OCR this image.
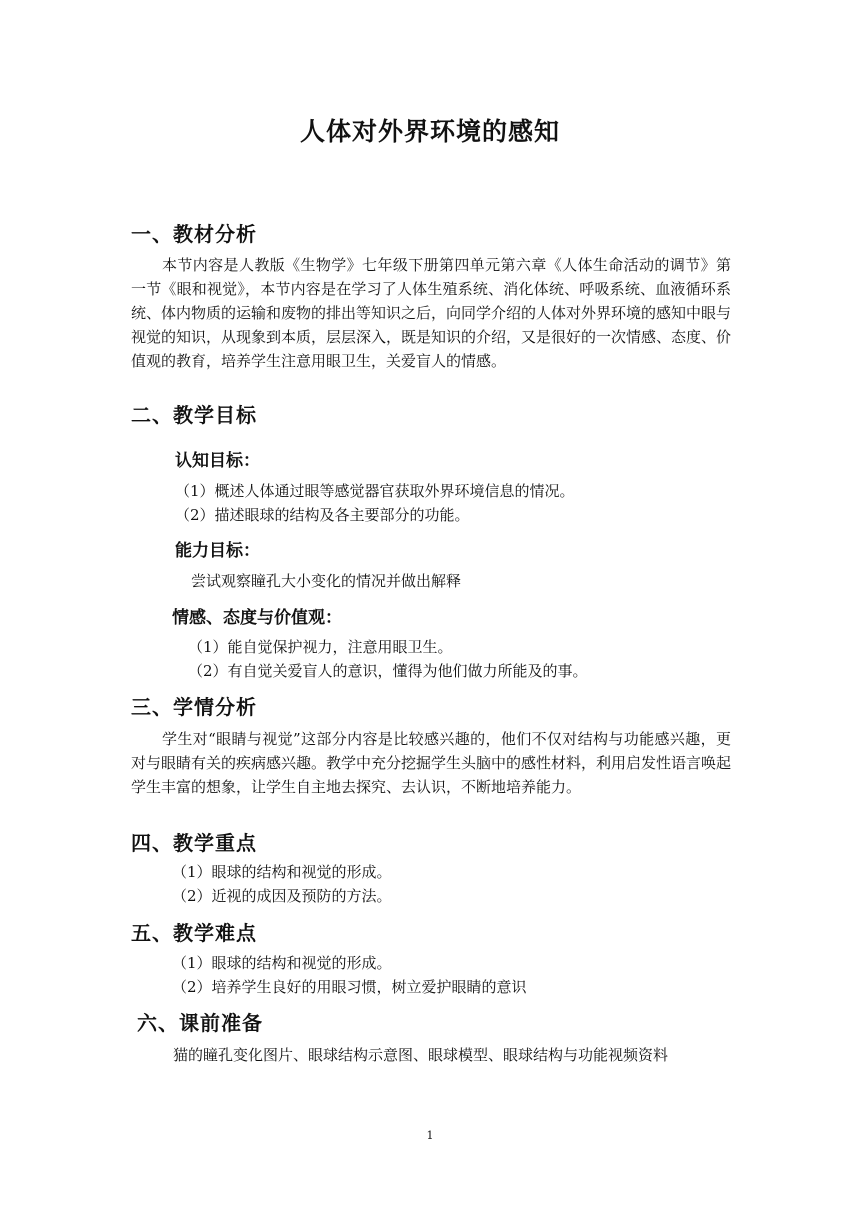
人体对外界环境的感知
一、教材分析
本节内容是人教版《生物学》七年级下册第四单元第六章《人体生命活动的调节》第一节《眼和视觉》，本节内容是在学习了人体生殖系统、消化体统、呼吸系统、血液循环系统、体内物质的运输和废物的排出等知识之后，向同学介绍的人体对外界环境的感知中眼与视觉的知识，从现象到本质，层层深入，既是知识的介绍，又是很好的一次情感、态度、价值观的教育，培养学生注意用眼卫生，关爱盲人的情感。
二、教学目标
认知目标：
（1）概述人体通过眼等感觉器官获取外界环境信息的情况。
（2）描述眼球的结构及各主要部分的功能。
能力目标：
尝试观察瞳孔大小变化的情况并做出解释
情感、态度与价值观：
（1）能自觉保护视力，注意用眼卫生。
（2）有自觉关爱盲人的意识，懂得为他们做力所能及的事。
三、学情分析
学生对“眼睛与视觉”这部分内容是比较感兴趣的，他们不仅对结构与功能感兴趣，更对与眼睛有关的疾病感兴趣。教学中充分挖掘学生头脑中的感性材料，利用启发性语言唤起学生丰富的想象，让学生自主地去探究、去认识，不断地培养能力。
四、教学重点
（1）眼球的结构和视觉的形成。
（2）近视的成因及预防的方法。
五、教学难点
（1）眼球的结构和视觉的形成。
（2）培养学生良好的用眼习惯，树立爱护眼睛的意识
六、课前准备
猫的瞳孔变化图片、眼球结构示意图、眼球模型、眼球结构与功能视频资料
1
